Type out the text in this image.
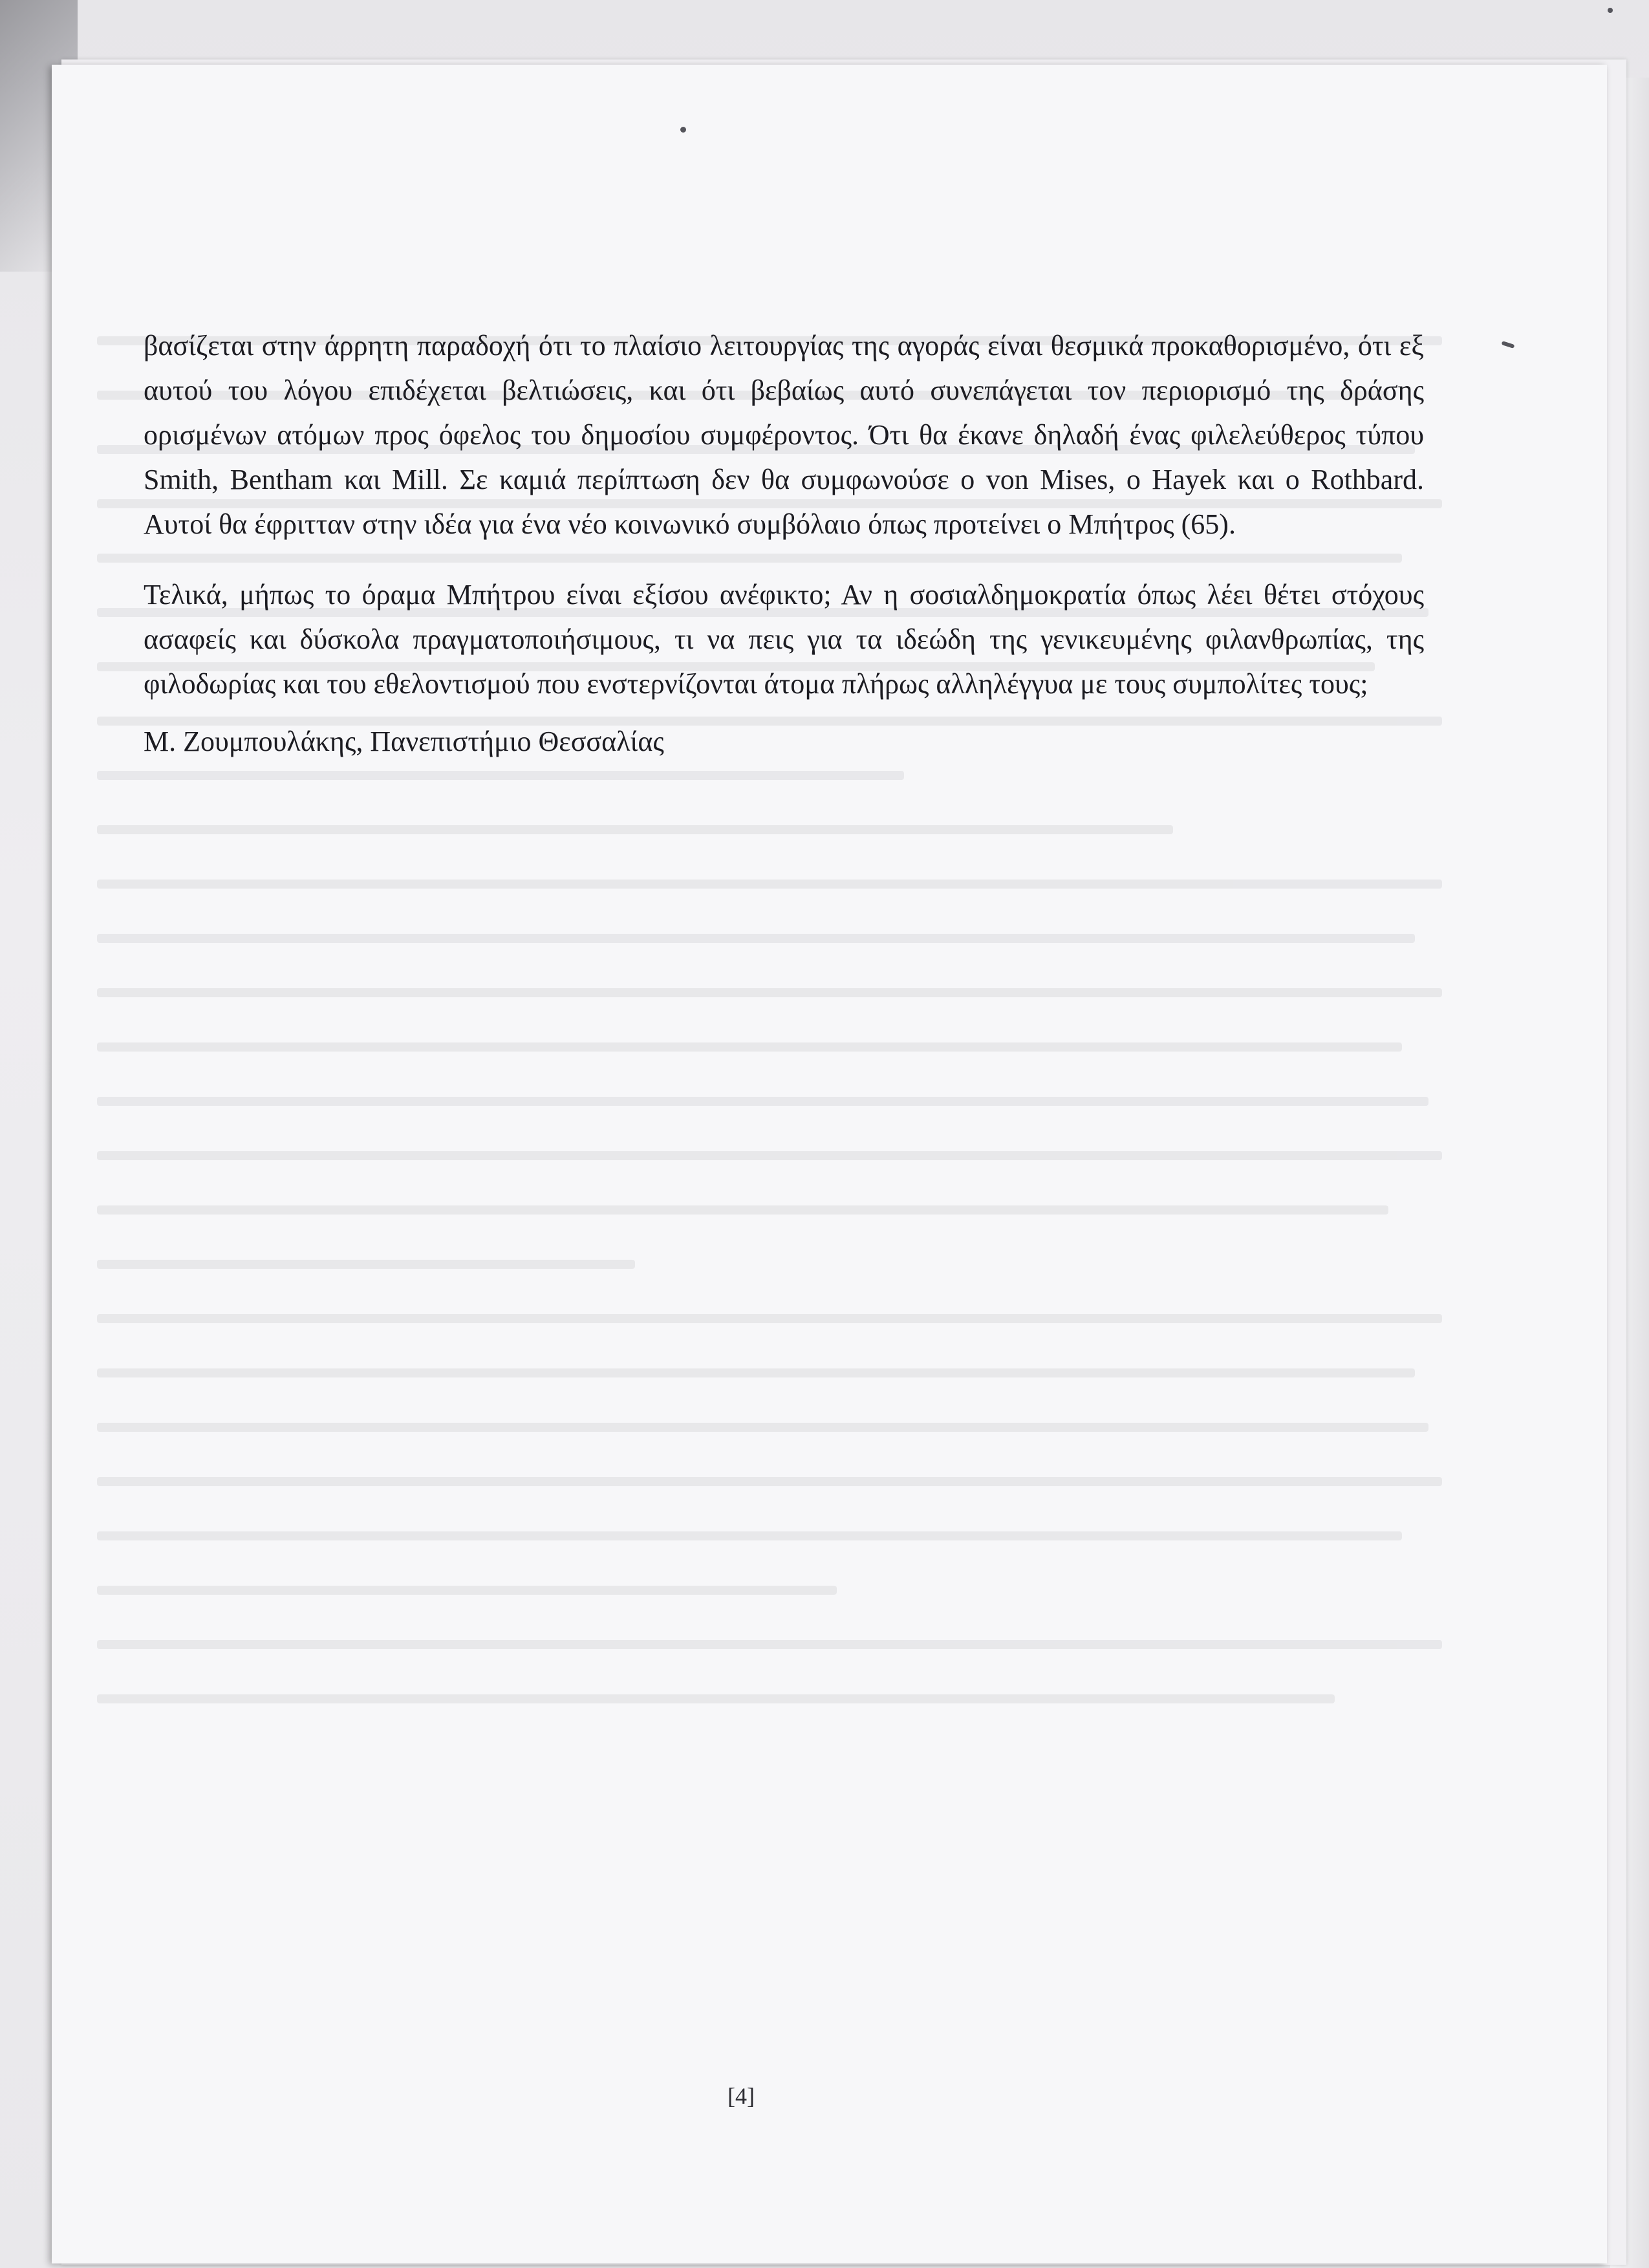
βασίζεται στην άρρητη παραδοχή ότι το πλαίσιο λειτουργίας της αγοράς είναι θεσμικά προκαθορισμένο, ότι εξ αυτού του λόγου επιδέχεται βελτιώσεις, και ότι βεβαίως αυτό συνεπάγεται τον περιορισμό της δράσης ορισμένων ατόμων προς όφελος του δημοσίου συμφέροντος. Ότι θα έκανε δηλαδή ένας φιλελεύθερος τύπου Smith, Bentham και Mill. Σε καμιά περίπτωση δεν θα συμφωνούσε ο von Mises, ο Hayek και ο Rothbard. Αυτοί θα έφριτταν στην ιδέα για ένα νέο κοινωνικό συμβόλαιο όπως προτείνει ο Μπήτρος (65).

Τελικά, μήπως το όραμα Μπήτρου είναι εξίσου ανέφικτο; Αν η σοσιαλδημοκρατία όπως λέει θέτει στόχους ασαφείς και δύσκολα πραγματοποιήσιμους, τι να πεις για τα ιδεώδη της γενικευμένης φιλανθρωπίας, της φιλοδωρίας και του εθελοντισμού που ενστερνίζονται άτομα πλήρως αλληλέγγυα με τους συμπολίτες τους;

Μ. Ζουμπουλάκης, Πανεπιστήμιο Θεσσαλίας

[4]
